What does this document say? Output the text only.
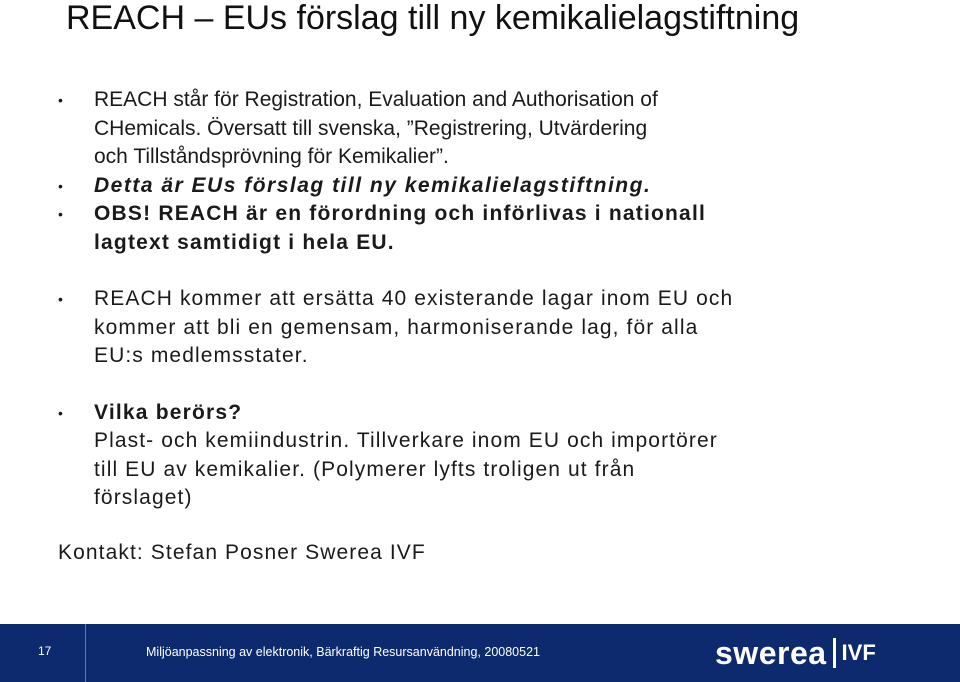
REACH – EUs förslag till ny kemikalielagstiftning
• REACH står för Registration, Evaluation and Authorisation of
CHemicals. Översatt till svenska, ”Registrering, Utvärdering
och Tillståndsprövning för Kemikalier”.
• Detta är EUs förslag till ny kemikalielagstiftning.
• OBS! REACH är en förordning och införlivas i nationall
lagtext samtidigt i hela EU.
• REACH kommer att ersätta 40 existerande lagar inom EU och
kommer att bli en gemensam, harmoniserande lag, för alla
EU:s medlemsstater.
• Vilka berörs?
Plast- och kemiindustrin. Tillverkare inom EU och importörer
till EU av kemikalier. (Polymerer lyfts troligen ut från
förslaget)
Kontakt: Stefan Posner Swerea IVF
17	Miljöanpassning av elektronik, Bärkraftig Resursanvändning, 20080521	swerea IVF
